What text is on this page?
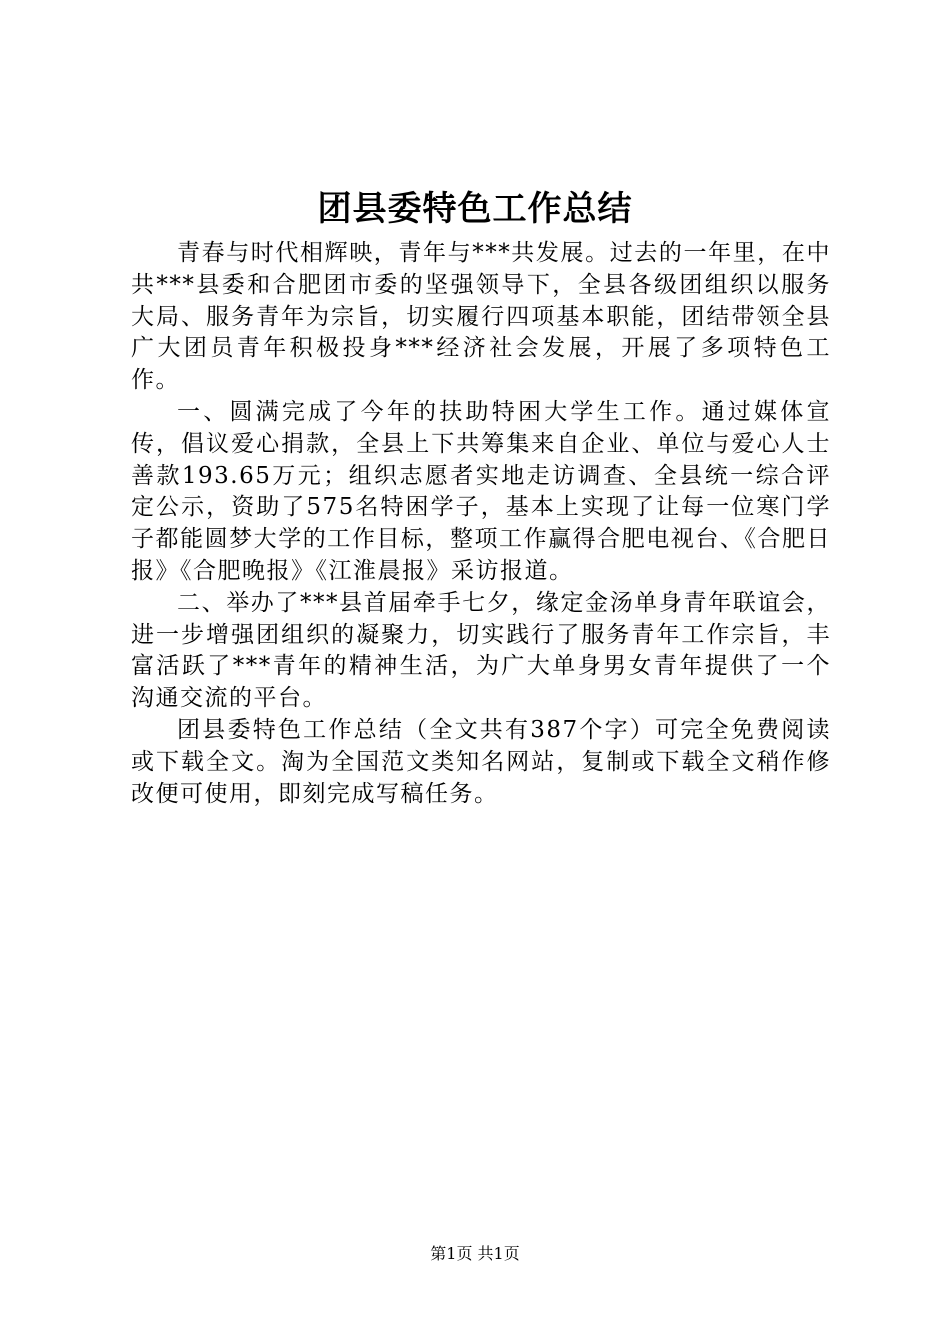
团县委特色工作总结

青春与时代相辉映，青年与***共发展。过去的一年里，在中共***县委和合肥团市委的坚强领导下，全县各级团组织以服务大局、服务青年为宗旨，切实履行四项基本职能，团结带领全县广大团员青年积极投身***经济社会发展，开展了多项特色工作。

一、圆满完成了今年的扶助特困大学生工作。通过媒体宣传，倡议爱心捐款，全县上下共筹集来自企业、单位与爱心人士善款193.65万元；组织志愿者实地走访调查、全县统一综合评定公示，资助了575名特困学子，基本上实现了让每一位寒门学子都能圆梦大学的工作目标，整项工作赢得合肥电视台、《合肥日报》《合肥晚报》《江淮晨报》采访报道。

二、举办了***县首届牵手七夕，缘定金汤单身青年联谊会，进一步增强团组织的凝聚力，切实践行了服务青年工作宗旨，丰富活跃了***青年的精神生活，为广大单身男女青年提供了一个沟通交流的平台。

团县委特色工作总结（全文共有387个字）可完全免费阅读或下载全文。淘为全国范文类知名网站，复制或下载全文稍作修改便可使用，即刻完成写稿任务。

第1页 共1页
